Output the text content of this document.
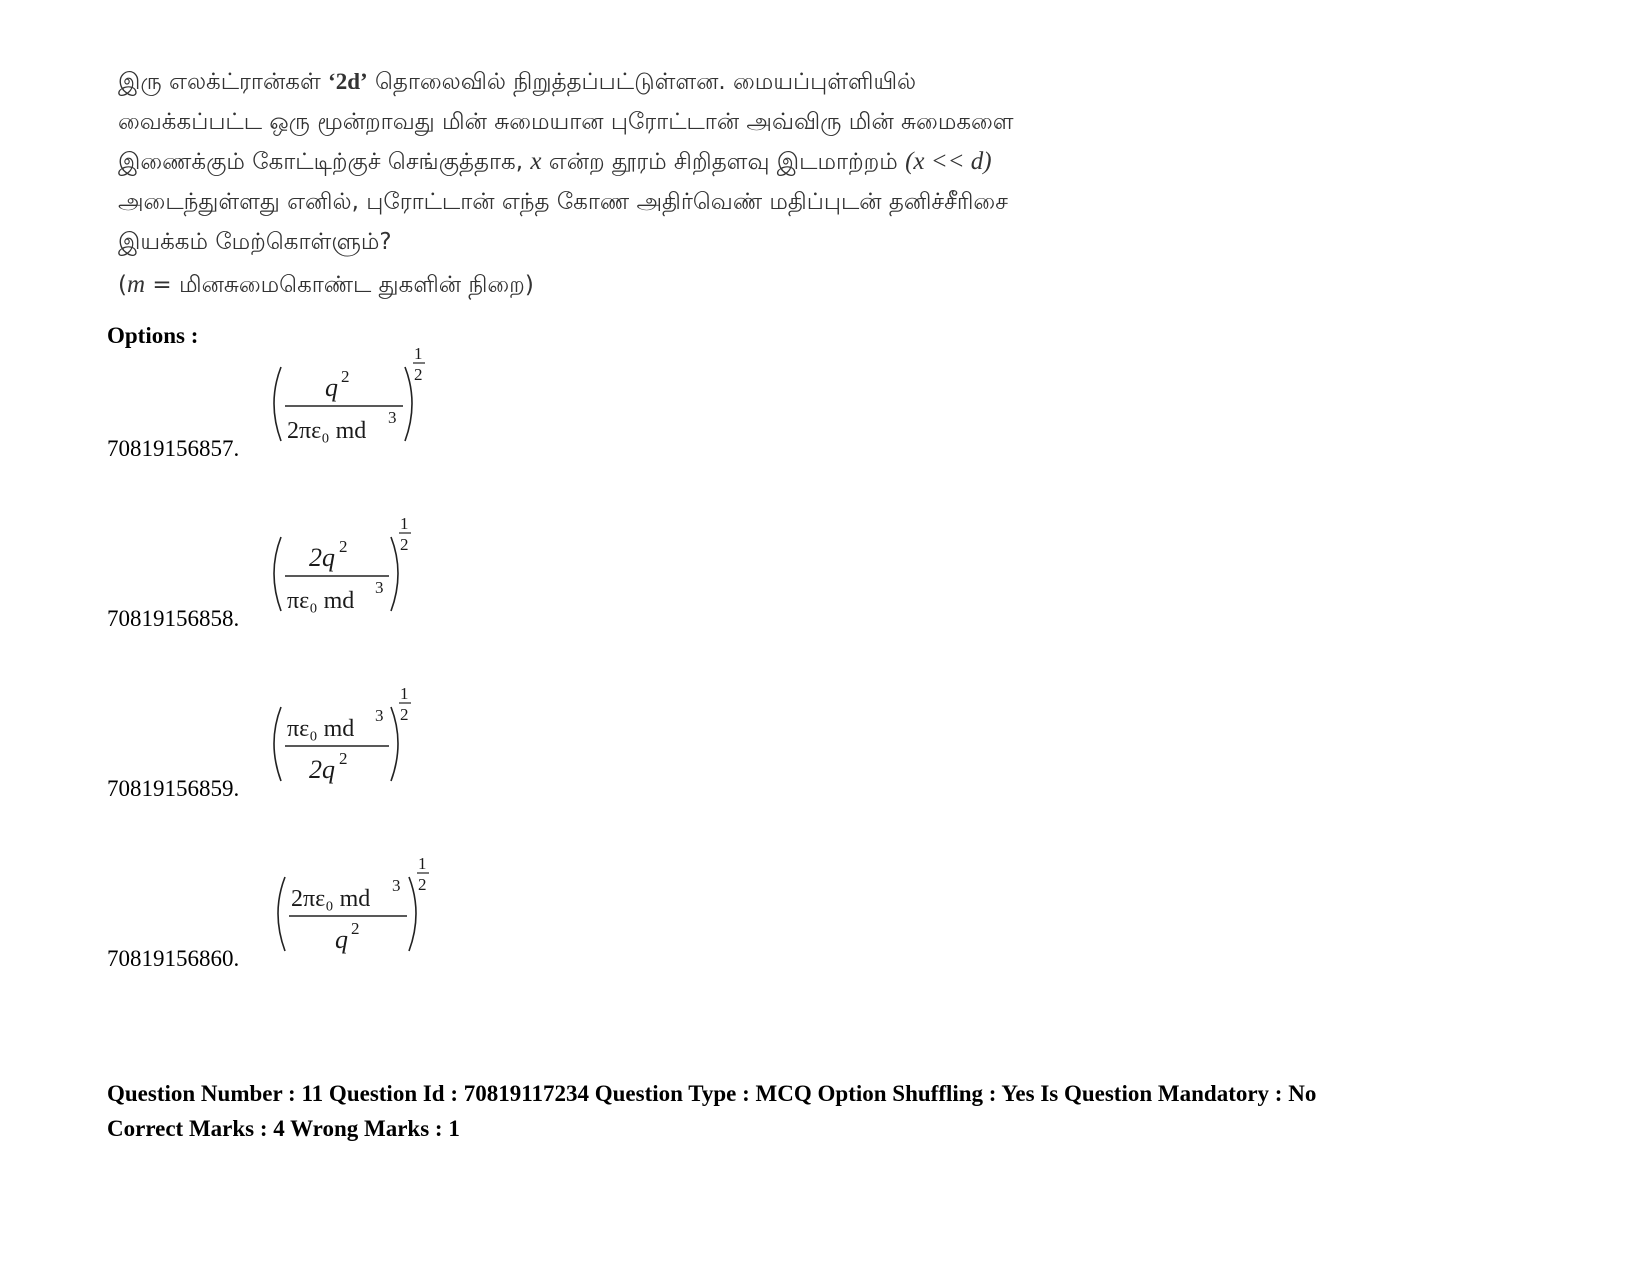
இரு எலக்ட்ரான்கள் ‘2d’ தொலைவில் நிறுத்தப்பட்டுள்ளன. மையப்புள்ளியில்
வைக்கப்பட்ட ஒரு மூன்றாவது மின் சுமையான புரோட்டான் அவ்விரு மின் சுமைகளை
இணைக்கும் கோட்டிற்குச் செங்குத்தாக, x என்ற தூரம் சிறிதளவு இடமாற்றம் (x << d)
அடைந்துள்ளது எனில், புரோட்டான் எந்த கோண அதிர்வெண் மதிப்புடன் தனிச்சீரிசை
இயக்கம் மேற்கொள்ளும்?
(m = மினசுமைகொண்ட துகளின் நிறை)
Options :
q 2
2πε₀ md
3
1
2
70819156857.
2q 2
πε₀ md
3
1
2
70819156858.
πε₀ md
3
2q 2
1
2
70819156859.
2πε₀ md
3
q 2
1
2
70819156860.
Question Number : 11 Question Id : 70819117234 Question Type : MCQ Option Shuffling : Yes Is Question Mandatory : No
Correct Marks : 4 Wrong Marks : 1
